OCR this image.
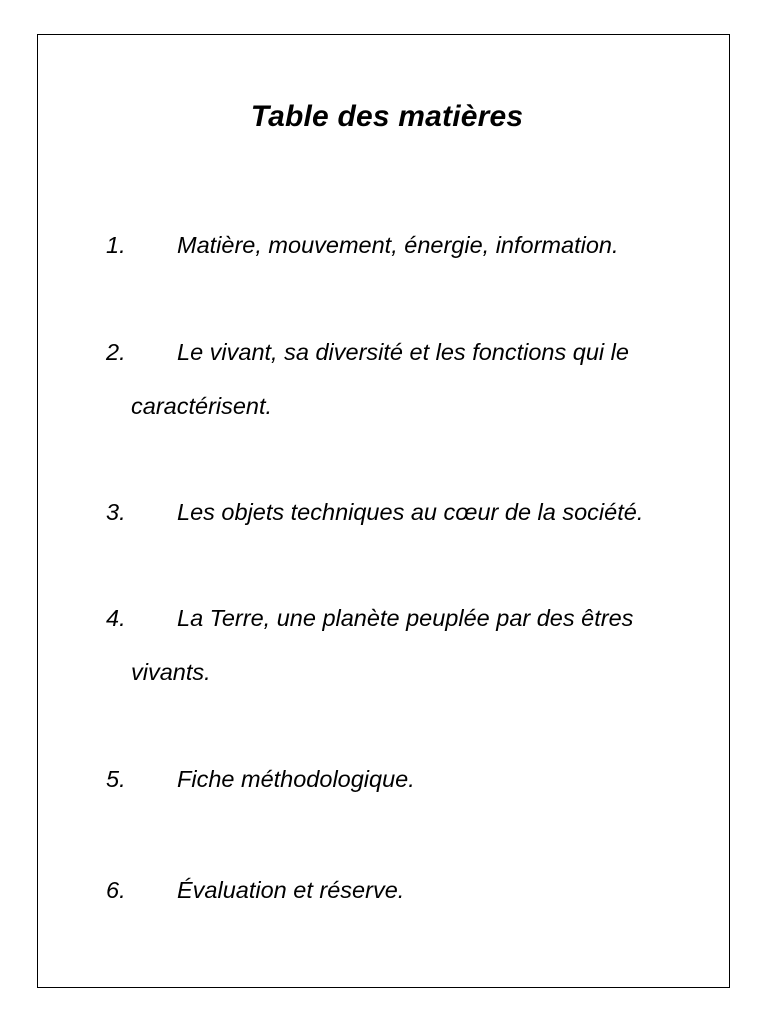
Table des matières
1. Matière, mouvement, énergie, information.
2. Le vivant, sa diversité et les fonctions qui le
caractérisent.
3. Les objets techniques au cœur de la société.
4. La Terre, une planète peuplée par des êtres
vivants.
5. Fiche méthodologique.
6. Évaluation et réserve.
